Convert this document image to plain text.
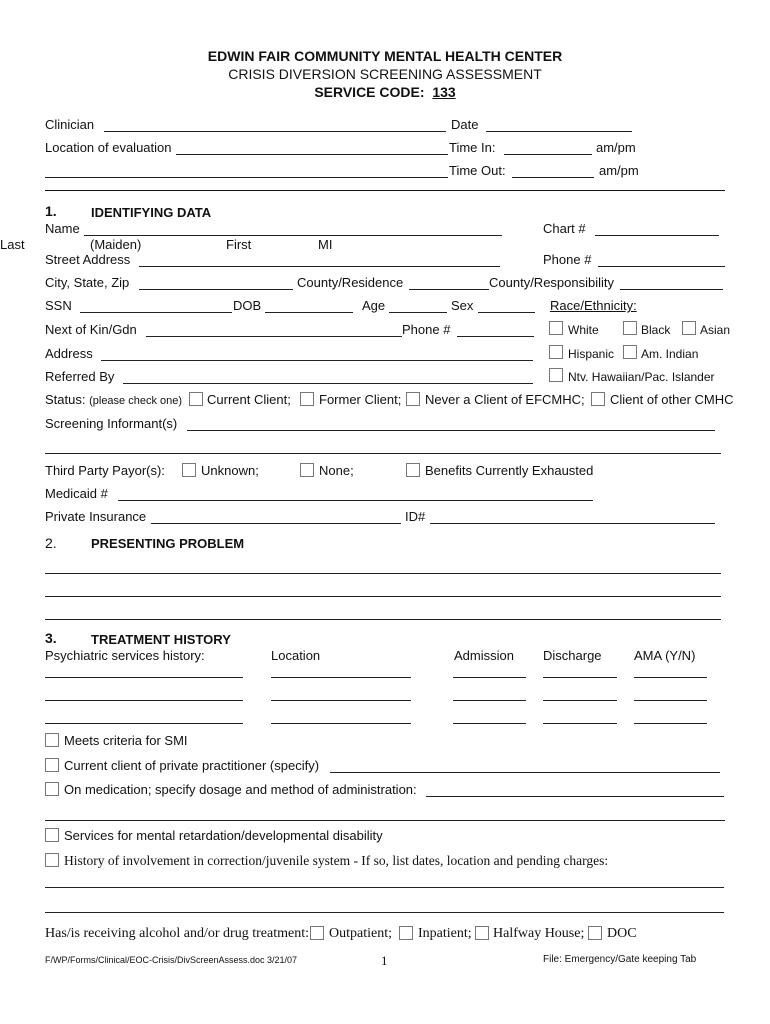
EDWIN FAIR COMMUNITY MENTAL HEALTH CENTER
CRISIS DIVERSION SCREENING ASSESSMENT
SERVICE CODE: 133
Clinician	Date
Location of evaluation	Time In:	am/pm
Time Out:	am/pm
1.	IDENTIFYING DATA
Name	Chart #
Last	(Maiden)	First	MI
Street Address	Phone #
City, State, Zip	County/Residence	County/Responsibility
SSN	DOB	Age	Sex	Race/Ethnicity:
Next of Kin/Gdn	Phone #	White	Black Asian
Address	Hispanic Am. Indian
Referred By	Ntv. Hawaiian/Pac. Islander
Status: (please check one) Current Client; Former Client; Never a Client of EFCMHC; Client of other CMHC
Screening Informant(s)
Third Party Payor(s):	Unknown;	None;	Benefits Currently Exhausted
Medicaid #
Private Insurance	ID#
2.	PRESENTING PROBLEM
3.	TREATMENT HISTORY
Psychiatric services history:	Location	Admission Discharge AMA (Y/N)
Meets criteria for SMI
Current client of private practitioner (specify)
On medication; specify dosage and method of administration:
Services for mental retardation/developmental disability
History of involvement in correction/juvenile system - If so, list dates, location and pending charges:
Has/is receiving alcohol and/or drug treatment: Outpatient; Inpatient; Halfway House; DOC
F/WP/Forms/Clinical/EOC-Crisis/DivScreenAssess.doc 3/21/07	1	File: Emergency/Gate keeping Tab
